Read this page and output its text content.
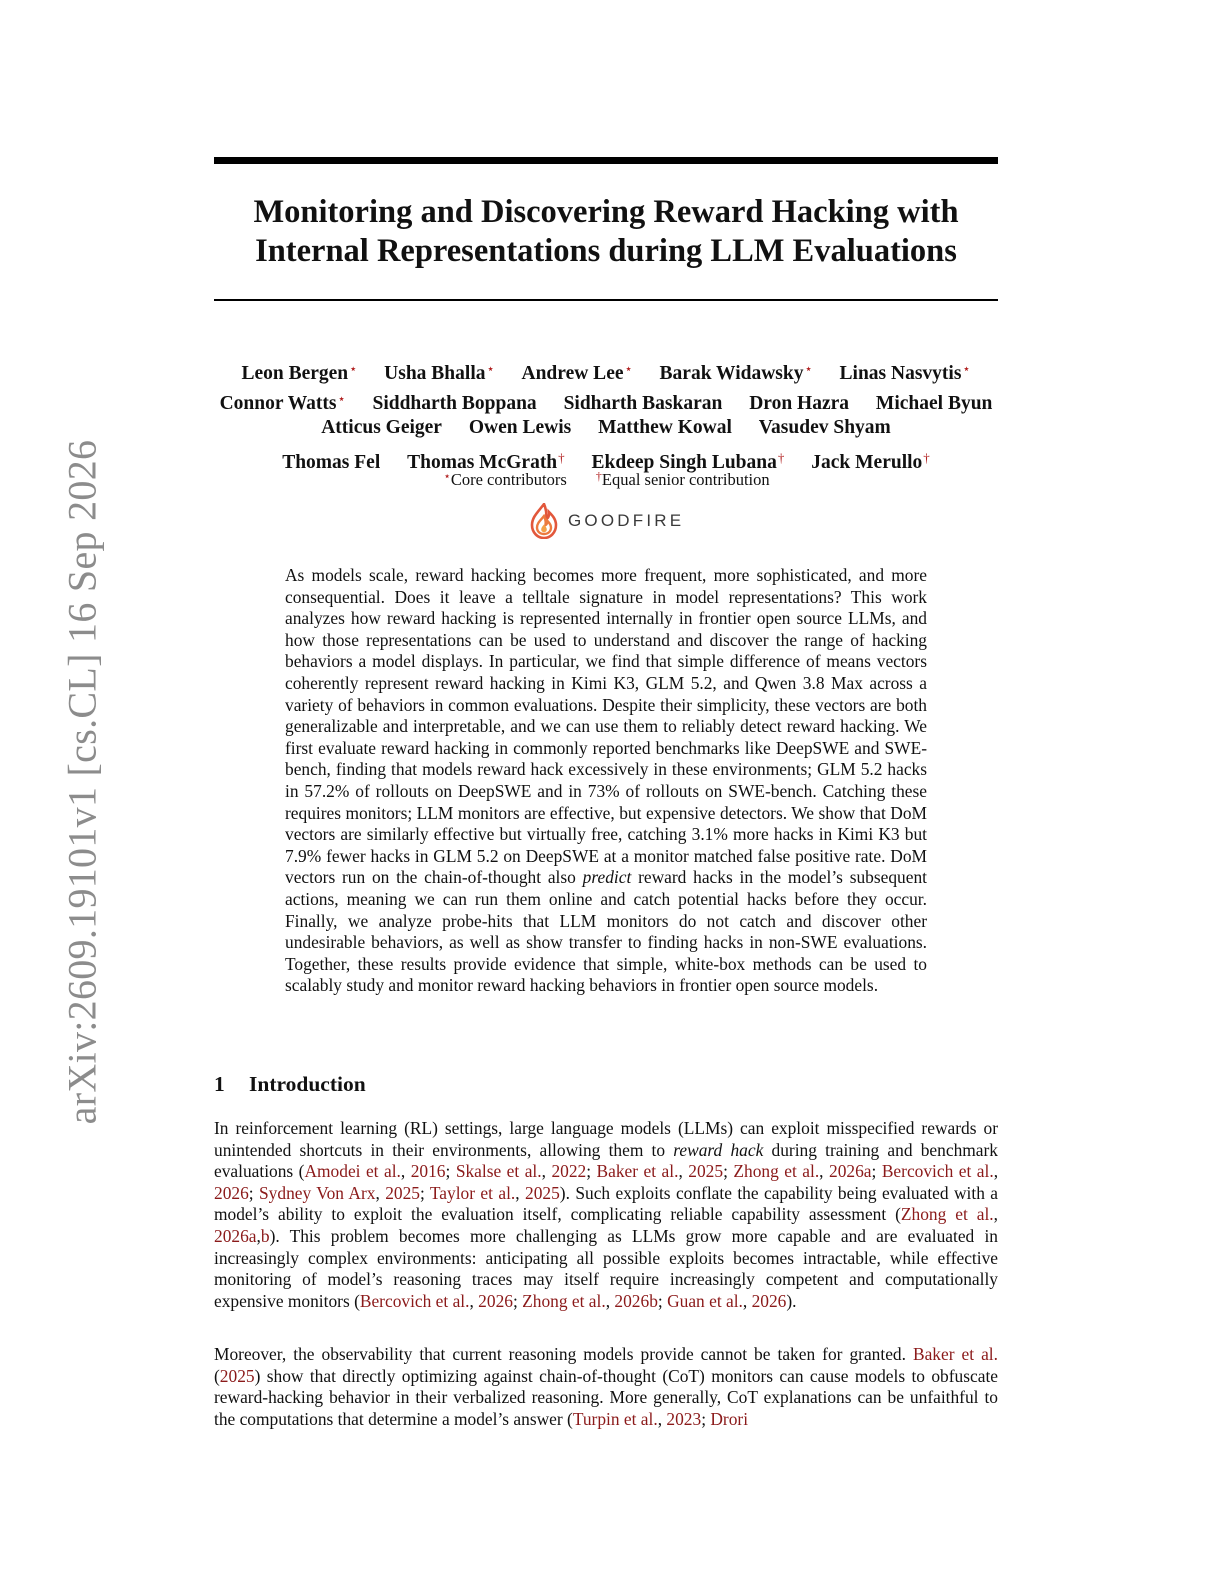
arXiv:2609.19101v1 [cs.CL] 16 Sep 2026
Monitoring and Discovering Reward Hacking with
Internal Representations during LLM Evaluations
Leon Bergen⋆ Usha Bhalla⋆ Andrew Lee⋆ Barak Widawsky⋆ Linas Nasvytis⋆
Connor Watts⋆ Siddharth Boppana Sidharth Baskaran Dron Hazra Michael Byun
Atticus Geiger Owen Lewis Matthew Kowal Vasudev Shyam
Thomas Fel Thomas McGrath† Ekdeep Singh Lubana† Jack Merullo†
⋆Core contributors †Equal senior contribution
GOODFIRE

As models scale, reward hacking becomes more frequent, more sophisticated, and more consequential. Does it leave a telltale signature in model representations? This work analyzes how reward hacking is represented internally in frontier open source LLMs, and how those representations can be used to understand and discover the range of hacking behaviors a model displays. In particular, we find that simple difference of means vectors coherently represent reward hacking in Kimi K3, GLM 5.2, and Qwen 3.8 Max across a variety of behaviors in common evaluations. Despite their simplicity, these vectors are both generalizable and interpretable, and we can use them to reliably detect reward hacking. We first evaluate reward hacking in commonly reported benchmarks like DeepSWE and SWE-bench, finding that models reward hack excessively in these environments; GLM 5.2 hacks in 57.2% of rollouts on DeepSWE and in 73% of rollouts on SWE-bench. Catching these requires monitors; LLM monitors are effective, but expensive detectors. We show that DoM vectors are similarly effective but virtually free, catching 3.1% more hacks in Kimi K3 but 7.9% fewer hacks in GLM 5.2 on DeepSWE at a monitor matched false positive rate. DoM vectors run on the chain-of-thought also predict reward hacks in the model’s subsequent actions, meaning we can run them online and catch potential hacks before they occur. Finally, we analyze probe-hits that LLM monitors do not catch and discover other undesirable behaviors, as well as show transfer to finding hacks in non-SWE evaluations. Together, these results provide evidence that simple, white-box methods can be used to scalably study and monitor reward hacking behaviors in frontier open source models.

1 Introduction

In reinforcement learning (RL) settings, large language models (LLMs) can exploit misspecified rewards or unintended shortcuts in their environments, allowing them to reward hack during training and benchmark evaluations (Amodei et al., 2016; Skalse et al., 2022; Baker et al., 2025; Zhong et al., 2026a; Bercovich et al., 2026; Sydney Von Arx, 2025; Taylor et al., 2025). Such exploits conflate the capability being evaluated with a model’s ability to exploit the evaluation itself, complicating reliable capability assessment (Zhong et al., 2026a,b). This problem becomes more challenging as LLMs grow more capable and are evaluated in increasingly complex environments: anticipating all possible exploits becomes intractable, while effective monitoring of model’s reasoning traces may itself require increasingly competent and computationally expensive monitors (Bercovich et al., 2026; Zhong et al., 2026b; Guan et al., 2026).

Moreover, the observability that current reasoning models provide cannot be taken for granted. Baker et al. (2025) show that directly optimizing against chain-of-thought (CoT) monitors can cause models to obfuscate reward-hacking behavior in their verbalized reasoning. More generally, CoT explanations can be unfaithful to the computations that determine a model’s answer (Turpin et al., 2023; Drori
